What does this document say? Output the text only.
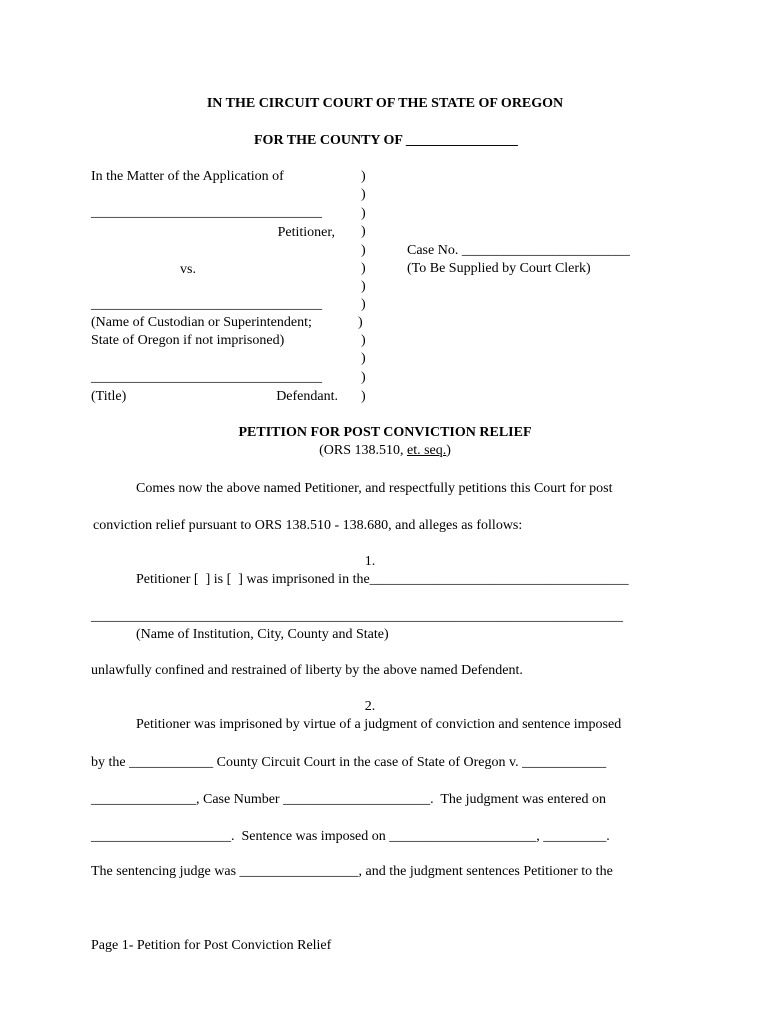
IN THE CIRCUIT COURT OF THE STATE OF OREGON
FOR THE COUNTY OF ________________
In the Matter of the Application of
_________________________________
Petitioner,
vs.
_________________________________
(Name of Custodian or Superintendent;
State of Oregon if not imprisoned)
_________________________________
(Title)	Defendant.
)
)
)
)
)
)
)
)
)
)
)
)
)
Case No. ________________________
(To Be Supplied by Court Clerk)
PETITION FOR POST CONVICTION RELIEF
(ORS 138.510, et. seq.)
Comes now the above named Petitioner, and respectfully petitions this Court for post
conviction relief pursuant to ORS 138.510 - 138.680, and alleges as follows:
1.
Petitioner [  ] is [  ] was imprisoned in the_____________________________________
____________________________________________________________________________
(Name of Institution, City, County and State)
unlawfully confined and restrained of liberty by the above named Defendent.
2.
Petitioner was imprisoned by virtue of a judgment of conviction and sentence imposed
by the ____________ County Circuit Court in the case of State of Oregon v. ____________
_______________, Case Number _____________________.  The judgment was entered on
____________________.  Sentence was imposed on _____________________, _________.
The sentencing judge was _________________, and the judgment sentences Petitioner to the
Page 1- Petition for Post Conviction Relief
